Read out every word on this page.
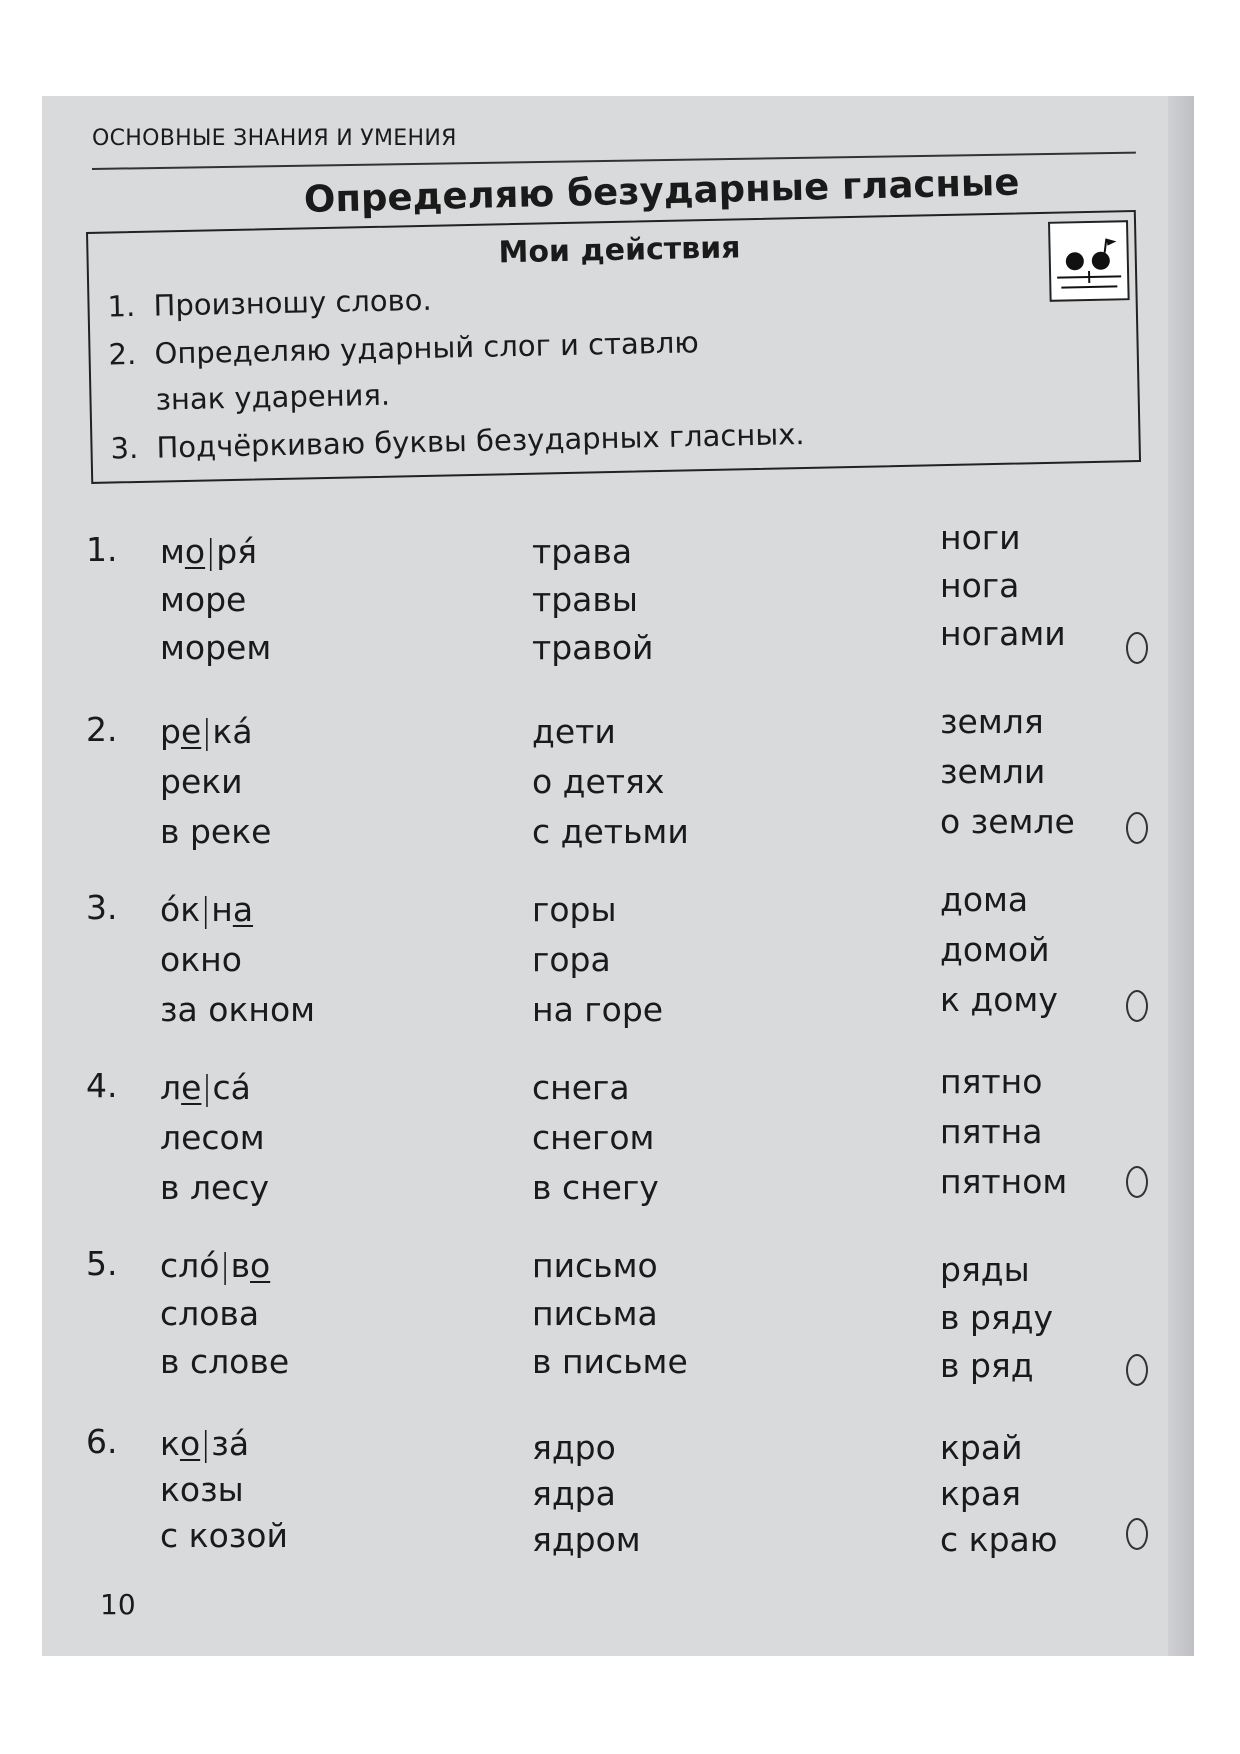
ОСНОВНЫЕ ЗНАНИЯ И УМЕНИЯ
Определяю безударные гласные
Мои действия
1. Произношу слово.
2. Определяю ударный слог и ставлю
знак ударения.
3. Подчёркиваю буквы безударных гласных.
1. мо|ря́
море
морем
трава
травы
травой
ноги
нога
ногами
2. ре|ка́
реки
в реке
дети
о детях
с детьми
земля
земли
о земле
3. о́к|на
окно
за окном
горы
гора
на горе
дома
домой
к дому
4. ле|са́
лесом
в лесу
снега
снегом
в снегу
пятно
пятна
пятном
5. сло́|во
слова
в слове
письмо
письма
в письме
ряды
в ряду
в ряд
6. ко|за́
козы
с козой
ядро
ядра
ядром
край
края
с краю
10
